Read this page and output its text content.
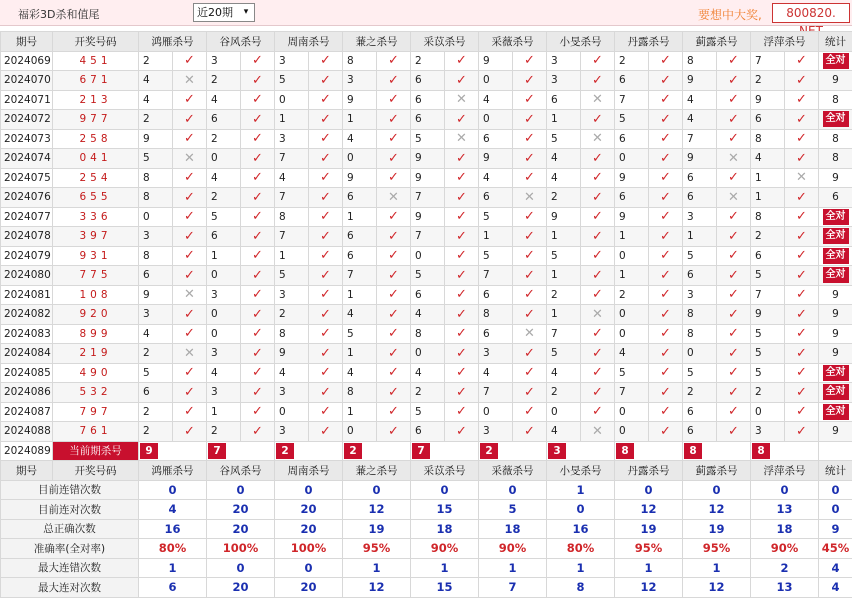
福彩3D杀和值尾	近20期	▾	要想中大奖,	800820.
期号	开奖号码	鸿雁杀号		谷风杀号		周南杀号		蒹之杀号		采苡杀号		采薇杀号		小旻杀号		丹露杀号		蓟露杀号		浮萍杀号		统计
2024069	451	2	✓	3	✓	3	✓	8	✓	2	✓	9	✓	3	✓	2	✓	8	✓	7	✓	全对
2024070	671	4	✕	2	✓	5	✓	3	✓	6	✓	0	✓	3	✓	6	✓	9	✓	2	✓	9
2024071	213	4	✓	4	✓	0	✓	9	✓	6	✕	4	✓	6	✕	7	✓	4	✓	9	✓	8
2024072	977	2	✓	6	✓	1	✓	1	✓	6	✓	0	✓	1	✓	5	✓	4	✓	6	✓	全对
2024073	258	9	✓	2	✓	3	✓	4	✓	5	✕	6	✓	5	✕	6	✓	7	✓	8	✓	8
2024074	041	5	✕	0	✓	7	✓	0	✓	9	✓	9	✓	4	✓	0	✓	9	✕	4	✓	8
2024075	254	8	✓	4	✓	4	✓	9	✓	9	✓	4	✓	4	✓	9	✓	6	✓	1	✕	9
2024076	655	8	✓	2	✓	7	✓	6	✕	7	✓	6	✕	2	✓	6	✓	6	✕	1	✓	6
2024077	336	0	✓	5	✓	8	✓	1	✓	9	✓	5	✓	9	✓	9	✓	3	✓	8	✓	全对
2024078	397	3	✓	6	✓	7	✓	6	✓	7	✓	1	✓	1	✓	1	✓	1	✓	2	✓	全对
2024079	931	8	✓	1	✓	1	✓	6	✓	0	✓	5	✓	5	✓	0	✓	5	✓	6	✓	全对
2024080	775	6	✓	0	✓	5	✓	7	✓	5	✓	7	✓	1	✓	1	✓	6	✓	5	✓	全对
2024081	108	9	✕	3	✓	3	✓	1	✓	6	✓	6	✓	2	✓	2	✓	3	✓	7	✓	9
2024082	920	3	✓	0	✓	2	✓	4	✓	4	✓	8	✓	1	✕	0	✓	8	✓	9	✓	9
2024083	899	4	✓	0	✓	8	✓	5	✓	8	✓	6	✕	7	✓	0	✓	8	✓	5	✓	9
2024084	219	2	✕	3	✓	9	✓	1	✓	0	✓	3	✓	5	✓	4	✓	0	✓	5	✓	9
2024085	490	5	✓	4	✓	4	✓	4	✓	4	✓	4	✓	4	✓	5	✓	5	✓	5	✓	全对
2024086	532	6	✓	3	✓	3	✓	8	✓	2	✓	7	✓	2	✓	7	✓	2	✓	2	✓	全对
2024087	797	2	✓	1	✓	0	✓	1	✓	5	✓	0	✓	0	✓	0	✓	6	✓	0	✓	全对
2024088	761	2	✓	2	✓	3	✓	0	✓	6	✓	3	✓	4	✕	0	✓	6	✓	3	✓	9
2024089	当前期杀号	9		7		2		2		7		2		3		8		8		8		
期号	开奖号码	鸿雁杀号		谷风杀号		周南杀号		蒹之杀号		采苡杀号		采薇杀号		小旻杀号		丹露杀号		蓟露杀号		浮萍杀号		统计
目前连错次数		0		0		0		0		0		0		1		0		0		0		0
目前连对次数		4		20		20		12		15		5		0		12		12		13		0
总正确次数		16		20		20		19		18		18		16		19		19		18		9
准确率(全对率)		80%		100%		100%		95%		90%		90%		80%		95%		95%		90%		45%
最大连错次数		1		0		0		1		1		1		1		1		1		2		4
最大连对次数		6		20		20		12		15		7		8		12		12		13		4
